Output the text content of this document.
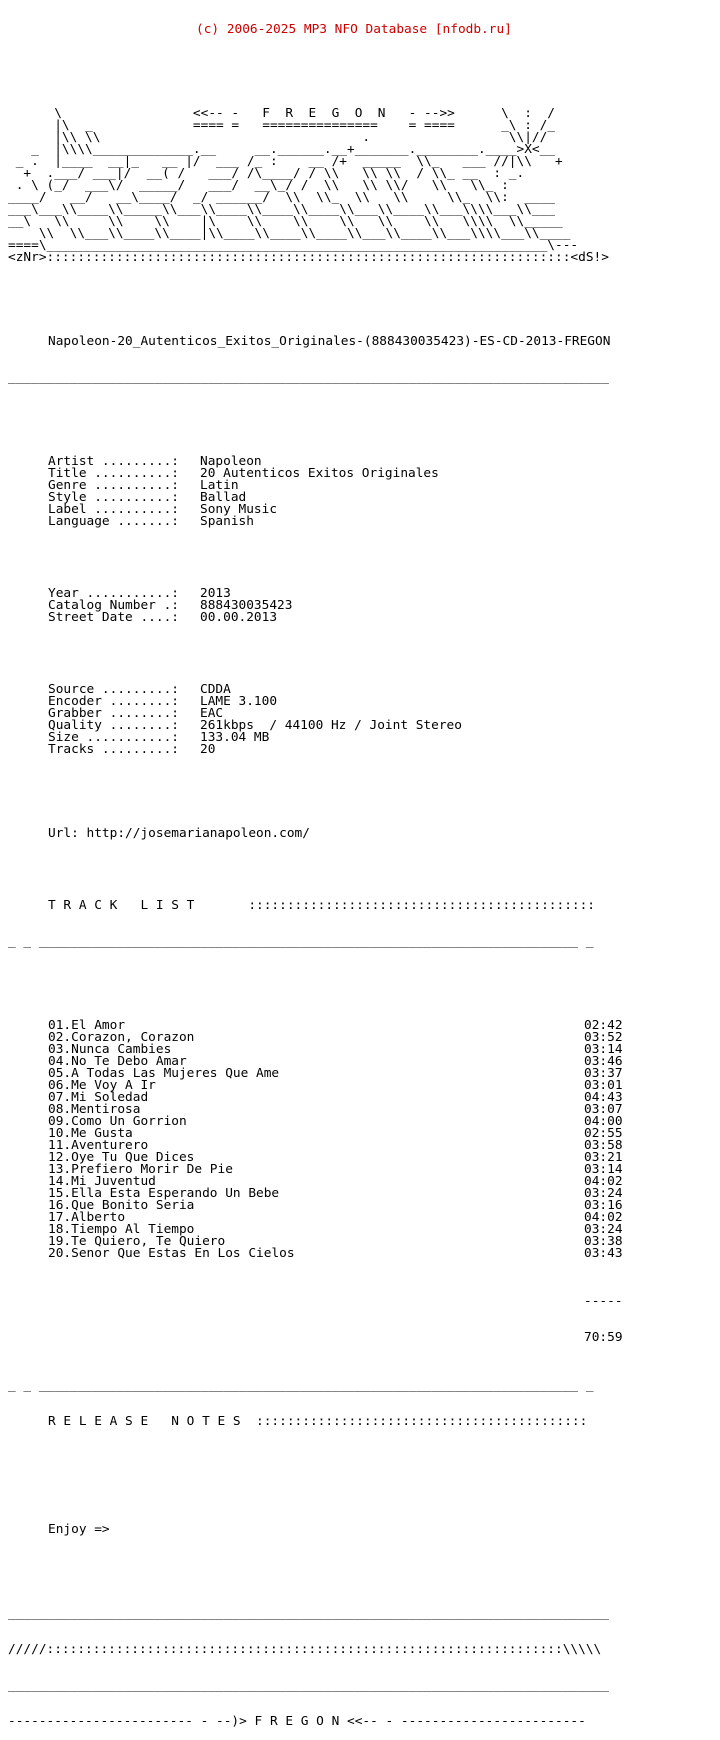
(c) 2006-2025 MP3 NFO Database [nfodb.ru]

\                 <<-- -   F  R  E  G  O  N   - -->>      \  :  /
|\  _             ==== =   ===============    = ====      _\ : /_
|\\ \\                                  .                  \\|//
_  |\\\\_____________.__     __.______.__+_______.________.____>X<__
_ .  |____  __|_   __ |/  ___ /_ :    __ /+  _____  \\_   ___ //|\\   +
+  .___/ ___|/  __( /   ___/ /\____/ / \\   \\ \\  / \\_ __  : _.
. \ (_/  ___\/  _____/   ___/  __\_/ /  \\   \\ \\/   \\   \\_ :
____/   __/   __\____/  _/ ______/  \\  \\_  \\   \\     \\_  \\:  ____
___\___\\____\\_____\\___\\____\\____\\____\\___\\____\\___\\\\___\\___
__\   \\     \\    \\    |\    \\    \\    \\   \\    \\   \\\\  \\_____
\\  \\___\\____\\____|\\____\\____\\____\\___\\____\\___\\\\___\\____
====\_________________________________________________________________\---
<zNr>::::::::::::::::::::::::::::::::::::::::::::::::::::::::::::::::::::<dS!>

Napoleon-20_Autenticos_Exitos_Originales-(888430035423)-ES-CD-2013-FREGON

______________________________________________________________________________

Artist .........:	Napoleon
Title ..........:	20 Autenticos Exitos Originales
Genre ..........:	Latin
Style ..........:	Ballad
Label ..........:	Sony Music
Language .......:	Spanish

Year ...........:	2013
Catalog Number .:	888430035423
Street Date ....:	00.00.2013

Source .........:	CDDA
Encoder ........:	LAME 3.100
Grabber ........:	EAC
Quality ........:	261kbps  / 44100 Hz / Joint Stereo
Size ...........:	133.04 MB
Tracks .........:	20

Url: http://josemarianapoleon.com/

T R A C K   L I S T       :::::::::::::::::::::::::::::::::::::::::::::

_ _ ______________________________________________________________________ _

01.El Amor	02:42
02.Corazon, Corazon	03:52
03.Nunca Cambies	03:14
04.No Te Debo Amar	03:46
05.A Todas Las Mujeres Que Ame	03:37
06.Me Voy A Ir	03:01
07.Mi Soledad	04:43
08.Mentirosa	03:07
09.Como Un Gorrion	04:00
10.Me Gusta	02:55
11.Aventurero	03:58
12.Oye Tu Que Dices	03:21
13.Prefiero Morir De Pie	03:14
14.Mi Juventud	04:02
15.Ella Esta Esperando Un Bebe	03:24
16.Que Bonito Seria	03:16
17.Alberto	04:02
18.Tiempo Al Tiempo	03:24
19.Te Quiero, Te Quiero	03:38
20.Senor Que Estas En Los Cielos	03:43

-----

70:59

_ _ ______________________________________________________________________ _

R E L E A S E   N O T E S  :::::::::::::::::::::::::::::::::::::::::::

Enjoy =>

______________________________________________________________________________

/////:::::::::::::::::::::::::::::::::::::::::::::::::::::::::::::::::::\\\\\

______________________________________________________________________________

------------------------ - --)> F R E G O N <<-- - ------------------------
